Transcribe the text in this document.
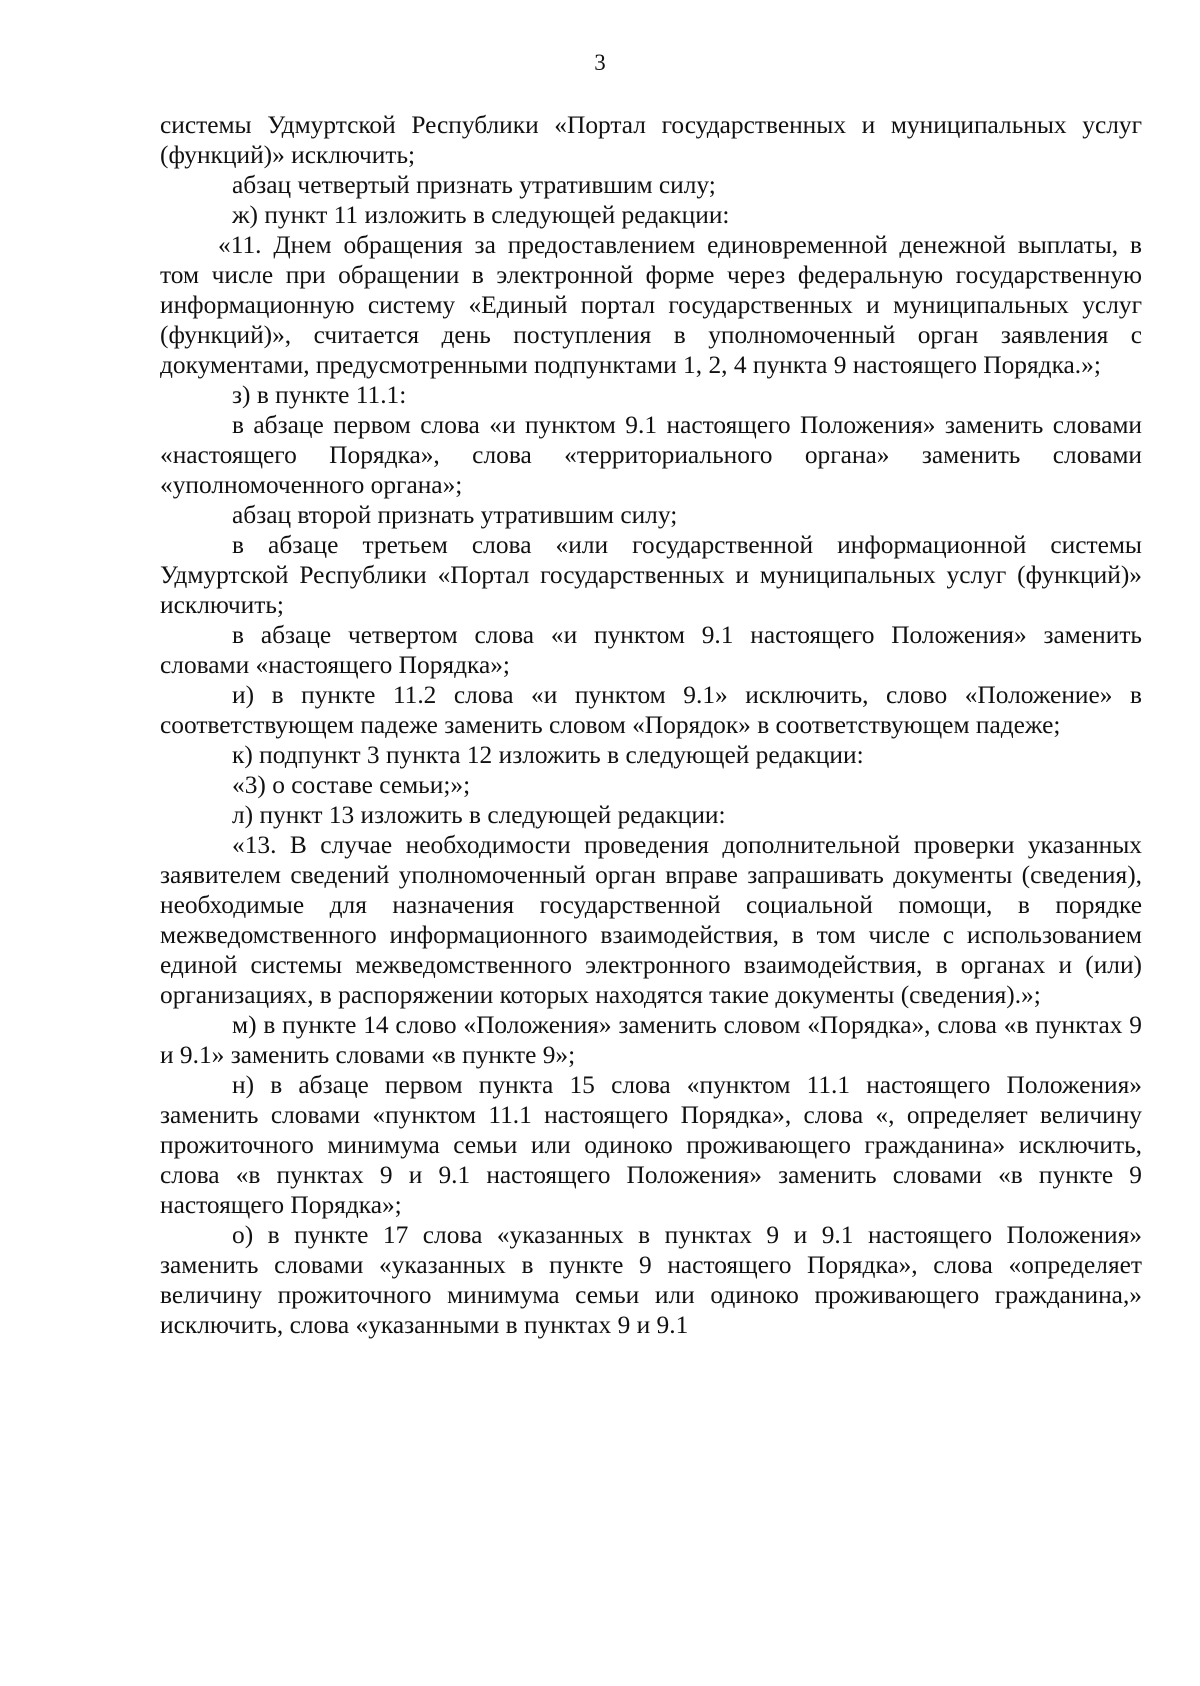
3

системы Удмуртской Республики «Портал государственных и муниципальных услуг (функций)» исключить;

абзац четвертый признать утратившим силу;

ж) пункт 11 изложить в следующей редакции:

«11. Днем обращения за предоставлением единовременной денежной выплаты, в том числе при обращении в электронной форме через федеральную государственную информационную систему «Единый портал государственных и муниципальных услуг (функций)», считается день поступления в уполномоченный орган заявления с документами, предусмотренными подпунктами 1, 2, 4 пункта 9 настоящего Порядка.»;

з) в пункте 11.1:

в абзаце первом слова «и пунктом 9.1 настоящего Положения» заменить словами «настоящего Порядка», слова «территориального органа» заменить словами «уполномоченного органа»;

абзац второй признать утратившим силу;

в абзаце третьем слова «или государственной информационной системы Удмуртской Республики «Портал государственных и муниципальных услуг (функций)» исключить;

в абзаце четвертом слова «и пунктом 9.1 настоящего Положения» заменить словами «настоящего Порядка»;

и) в пункте 11.2 слова «и пунктом 9.1» исключить, слово «Положение» в соответствующем падеже заменить словом «Порядок» в соответствующем падеже;

к) подпункт 3 пункта 12 изложить в следующей редакции:

«3) о составе семьи;»;

л) пункт 13 изложить в следующей редакции:

«13. В случае необходимости проведения дополнительной проверки указанных заявителем сведений уполномоченный орган вправе запрашивать документы (сведения), необходимые для назначения государственной социальной помощи, в порядке межведомственного информационного взаимодействия, в том числе с использованием единой системы межведомственного электронного взаимодействия, в органах и (или) организациях, в распоряжении которых находятся такие документы (сведения).»;

м) в пункте 14 слово «Положения» заменить словом «Порядка», слова «в пунктах 9 и 9.1» заменить словами «в пункте 9»;

н) в абзаце первом пункта 15 слова «пунктом 11.1 настоящего Положения» заменить словами «пунктом 11.1 настоящего Порядка», слова «, определяет величину прожиточного минимума семьи или одиноко проживающего гражданина» исключить, слова «в пунктах 9 и 9.1 настоящего Положения» заменить словами «в пункте 9 настоящего Порядка»;

о) в пункте 17 слова «указанных в пунктах 9 и 9.1 настоящего Положения» заменить словами «указанных в пункте 9 настоящего Порядка», слова «определяет величину прожиточного минимума семьи или одиноко проживающего гражданина,» исключить, слова «указанными в пунктах 9 и 9.1
